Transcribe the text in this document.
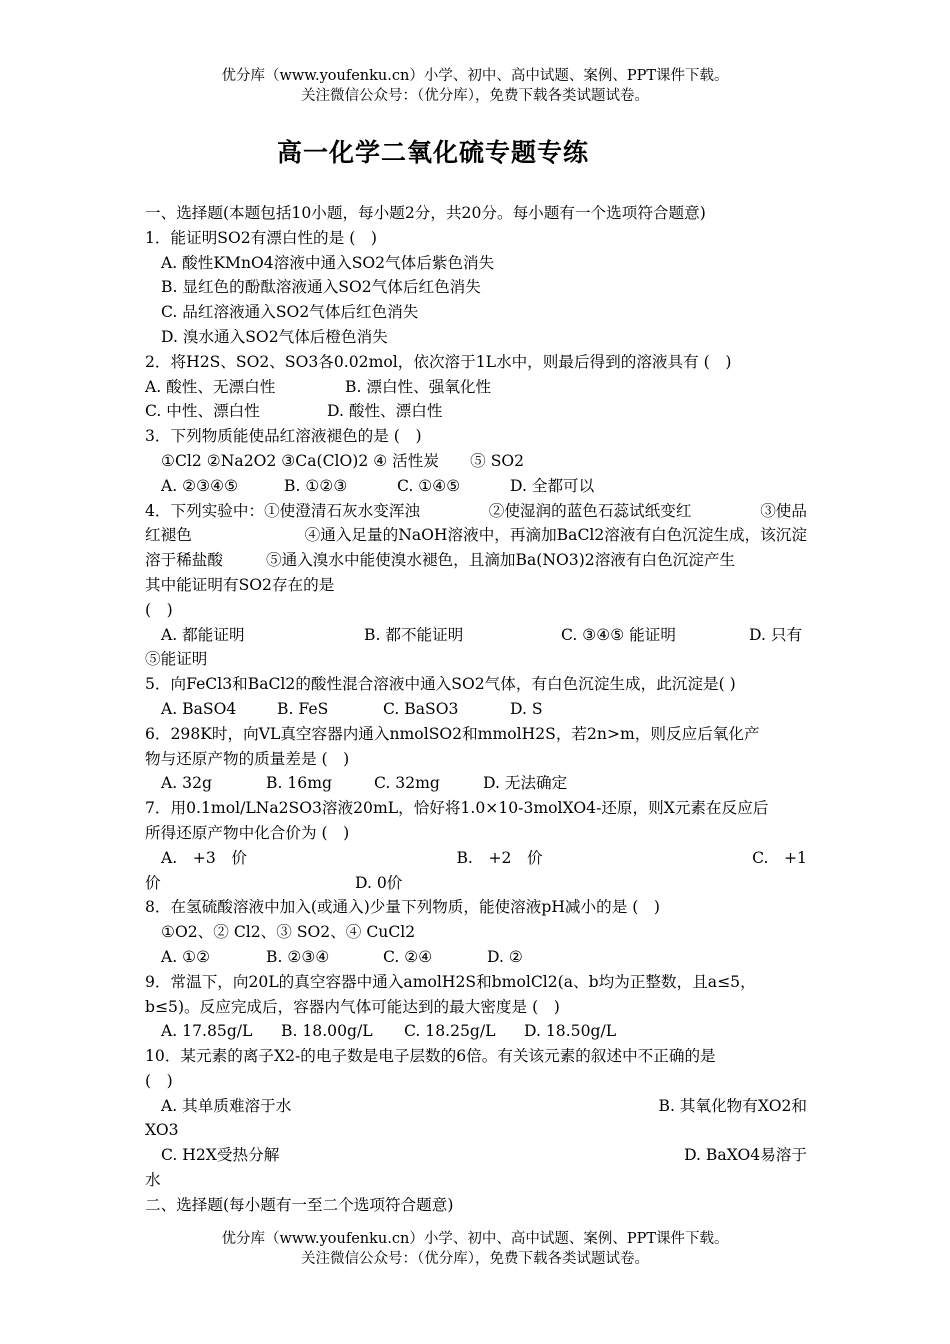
优分库（www.youfenku.cn）小学、初中、高中试题、案例、PPT课件下载。
关注微信公众号：（优分库），免费下载各类试题试卷。
高一化学二氧化硫专题专练
一、选择题(本题包括10小题，每小题2分，共20分。每小题有一个选项符合题意)
1．能证明SO2有漂白性的是 (　)
A. 酸性KMnO4溶液中通入SO2气体后紫色消失
B. 显红色的酚酞溶液通入SO2气体后红色消失
C. 品红溶液通入SO2气体后红色消失
D. 溴水通入SO2气体后橙色消失
2．将H2S、SO2、SO3各0.02mol，依次溶于1L水中，则最后得到的溶液具有 (　)
A. 酸性、无漂白性	B. 漂白性、强氧化性
C. 中性、漂白性	D. 酸性、漂白性
3．下列物质能使品红溶液褪色的是 (　)
①Cl2 ②Na2O2 ③Ca(ClO)2 ④ 活性炭　　⑤ SO2
A. ②③④⑤	B. ①②③	C. ①④⑤	D. 全都可以
4．下列实验中：①使澄清石灰水变浑浊	②使湿润的蓝色石蕊试纸变红	③使品
红褪色	④通入足量的NaOH溶液中，再滴加BaCl2溶液有白色沉淀生成，该沉淀
溶于稀盐酸	⑤通入溴水中能使溴水褪色，且滴加Ba(NO3)2溶液有白色沉淀产生
其中能证明有SO2存在的是
(　)
A. 都能证明	B. 都不能证明	C. ③④⑤ 能证明	D. 只有
⑤能证明
5．向FeCl3和BaCl2的酸性混合溶液中通入SO2气体，有白色沉淀生成，此沉淀是( )
A. BaSO4	B. FeS	C. BaSO3	D. S
6．298K时，向VL真空容器内通入nmolSO2和mmolH2S，若2n>m，则反应后氧化产
物与还原产物的质量差是 (　)
A. 32g	B. 16mg	C. 32mg	D. 无法确定
7．用0.1mol/LNa2SO3溶液20mL，恰好将1.0×10-3molXO4-还原，则X元素在反应后
所得还原产物中化合价为 (　)
A.　+3　价	B.　+2　价	C.　+1
价	D. 0价
8．在氢硫酸溶液中加入(或通入)少量下列物质，能使溶液pH减小的是 (　)
①O2、② Cl2、③ SO2、④ CuCl2
A. ①②	B. ②③④	C. ②④	D. ②
9．常温下，向20L的真空容器中通入amolH2S和bmolCl2(a、b均为正整数，且a≤5，
b≤5)。反应完成后，容器内气体可能达到的最大密度是 (　)
A. 17.85g/L B. 18.00g/L C. 18.25g/L D. 18.50g/L
10．某元素的离子X2-的电子数是电子层数的6倍。有关该元素的叙述中不正确的是
(　)
A. 其单质难溶于水	B. 其氧化物有XO2和
XO3
C. H2X受热分解	D. BaXO4易溶于
水
二、选择题(每小题有一至二个选项符合题意)
优分库（www.youfenku.cn）小学、初中、高中试题、案例、PPT课件下载。
关注微信公众号：（优分库），免费下载各类试题试卷。
